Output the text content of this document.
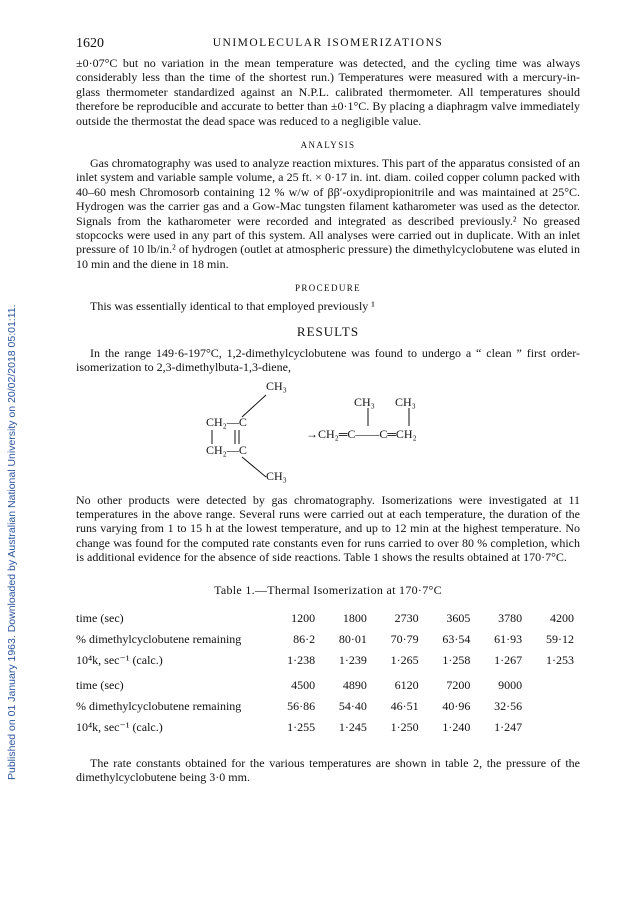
Published on 01 January 1963. Downloaded by Australian National University on 20/02/2018 05:01:11.
1620	UNIMOLECULAR ISOMERIZATIONS

±0·07°C but no variation in the mean temperature was detected, and the cycling time was always considerably less than the time of the shortest run.) Temperatures were measured with a mercury-in-glass thermometer standardized against an N.P.L. calibrated thermometer. All temperatures should therefore be reproducible and accurate to better than ±0·1°C. By placing a diaphragm valve immediately outside the thermostat the dead space was reduced to a negligible value.

ANALYSIS

Gas chromatography was used to analyze reaction mixtures. This part of the apparatus consisted of an inlet system and variable sample volume, a 25 ft. × 0·17 in. int. diam. coiled copper column packed with 40–60 mesh Chromosorb containing 12 % w/w of ββ′-oxydipropionitrile and was maintained at 25°C. Hydrogen was the carrier gas and a Gow-Mac tungsten filament katharometer was used as the detector. Signals from the katharometer were recorded and integrated as described previously.² No greased stopcocks were used in any part of this system. All analyses were carried out in duplicate. With an inlet pressure of 10 lb/in.² of hydrogen (outlet at atmospheric pressure) the dimethylcyclobutene was eluted in 10 min and the diene in 18 min.

PROCEDURE

This was essentially identical to that employed previously ¹

RESULTS

In the range 149·6-197°C, 1,2-dimethylcyclobutene was found to undergo a “ clean ” first order-isomerization to 2,3-dimethylbuta-1,3-diene,

CH₃
CH₂—C
CH₂—C
CH₃
CH₃ CH₃
→CH₂═C——C═CH₂

No other products were detected by gas chromatography. Isomerizations were investigated at 11 temperatures in the above range. Several runs were carried out at each temperature, the duration of the runs varying from 1 to 15 h at the lowest temperature, and up to 12 min at the highest temperature. No change was found for the computed rate constants even for runs carried to over 80 % completion, which is additional evidence for the absence of side reactions. Table 1 shows the results obtained at 170·7°C.

Table 1.—Thermal Isomerization at 170·7°C
time (sec)	1200	1800	2730	3605	3780	4200
% dimethylcyclobutene remaining	86·2	80·01	70·79	63·54	61·93	59·12
10⁴k, sec⁻¹ (calc.)	1·238	1·239	1·265	1·258	1·267	1·253

time (sec)	4500	4890	6120	7200	9000	
% dimethylcyclobutene remaining	56·86	54·40	46·51	40·96	32·56	
10⁴k, sec⁻¹ (calc.)	1·255	1·245	1·250	1·240	1·247	

The rate constants obtained for the various temperatures are shown in table 2, the pressure of the dimethylcyclobutene being 3·0 mm.
